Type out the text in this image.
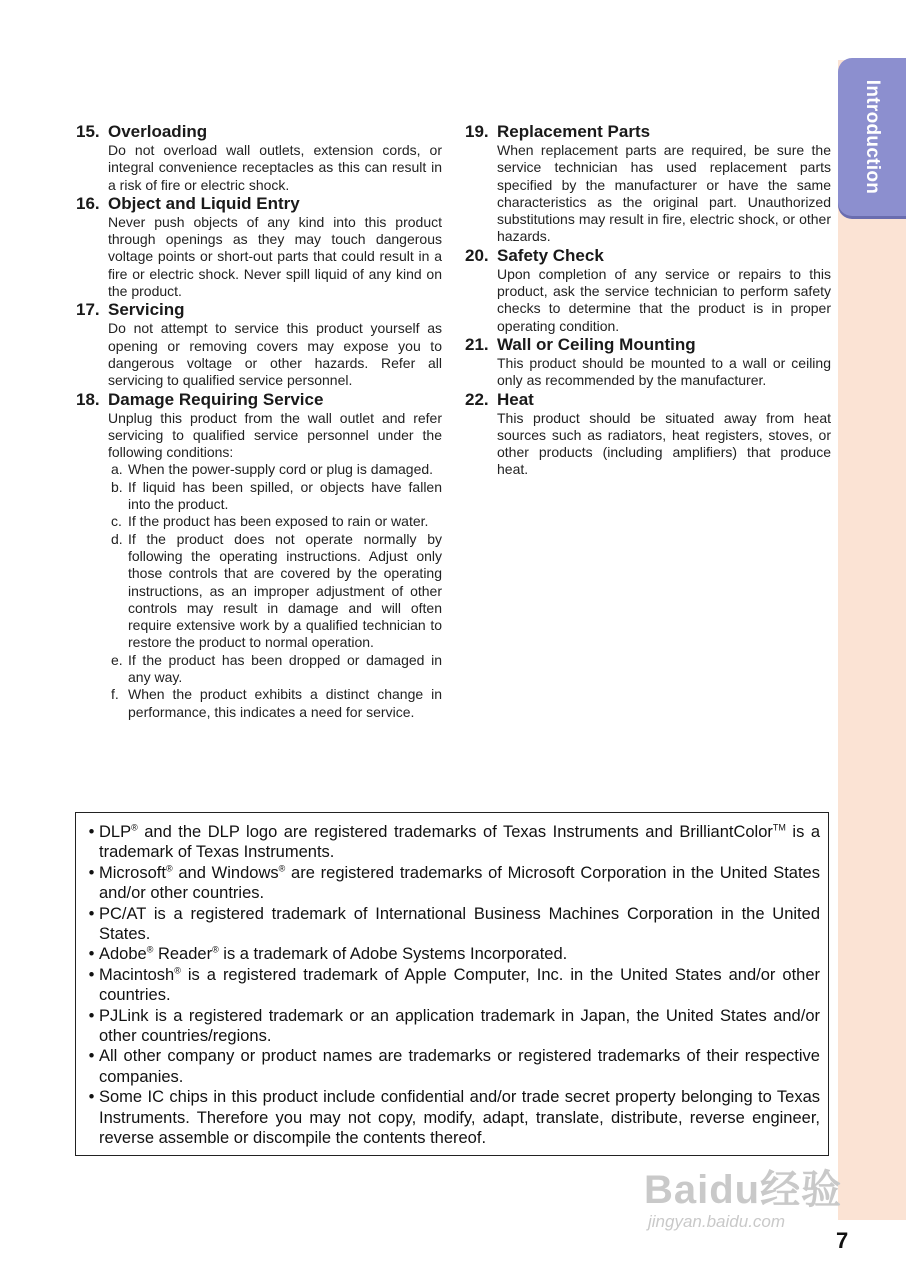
Introduction
15. Overloading
Do not overload wall outlets, extension cords, or integral convenience receptacles as this can result in a risk of fire or electric shock.
16. Object and Liquid Entry
Never push objects of any kind into this product through openings as they may touch dangerous voltage points or short-out parts that could result in a fire or electric shock. Never spill liquid of any kind on the product.
17. Servicing
Do not attempt to service this product yourself as opening or removing covers may expose you to dangerous voltage or other hazards. Refer all servicing to qualified service personnel.
18. Damage Requiring Service
Unplug this product from the wall outlet and refer servicing to qualified service personnel under the following conditions:
a. When the power-supply cord or plug is damaged.
b. If liquid has been spilled, or objects have fallen into the product.
c. If the product has been exposed to rain or water.
d. If the product does not operate normally by following the operating instructions. Adjust only those controls that are covered by the operating instructions, as an improper adjustment of other controls may result in damage and will often require extensive work by a qualified technician to restore the product to normal operation.
e. If the product has been dropped or damaged in any way.
f. When the product exhibits a distinct change in performance, this indicates a need for service.
19. Replacement Parts
When replacement parts are required, be sure the service technician has used replacement parts specified by the manufacturer or have the same characteristics as the original part. Unauthorized substitutions may result in fire, electric shock, or other hazards.
20. Safety Check
Upon completion of any service or repairs to this product, ask the service technician to perform safety checks to determine that the product is in proper operating condition.
21. Wall or Ceiling Mounting
This product should be mounted to a wall or ceiling only as recommended by the manufacturer.
22. Heat
This product should be situated away from heat sources such as radiators, heat registers, stoves, or other products (including amplifiers) that produce heat.
• DLP® and the DLP logo are registered trademarks of Texas Instruments and BrilliantColor™ is a trademark of Texas Instruments.
• Microsoft® and Windows® are registered trademarks of Microsoft Corporation in the United States and/or other countries.
• PC/AT is a registered trademark of International Business Machines Corporation in the United States.
• Adobe® Reader® is a trademark of Adobe Systems Incorporated.
• Macintosh® is a registered trademark of Apple Computer, Inc. in the United States and/or other countries.
• PJLink is a registered trademark or an application trademark in Japan, the United States and/or other countries/regions.
• All other company or product names are trademarks or registered trademarks of their respective companies.
• Some IC chips in this product include confidential and/or trade secret property belonging to Texas Instruments. Therefore you may not copy, modify, adapt, translate, distribute, reverse engineer, reverse assemble or discompile the contents thereof.
Baidu经验
jingyan.baidu.com
7
